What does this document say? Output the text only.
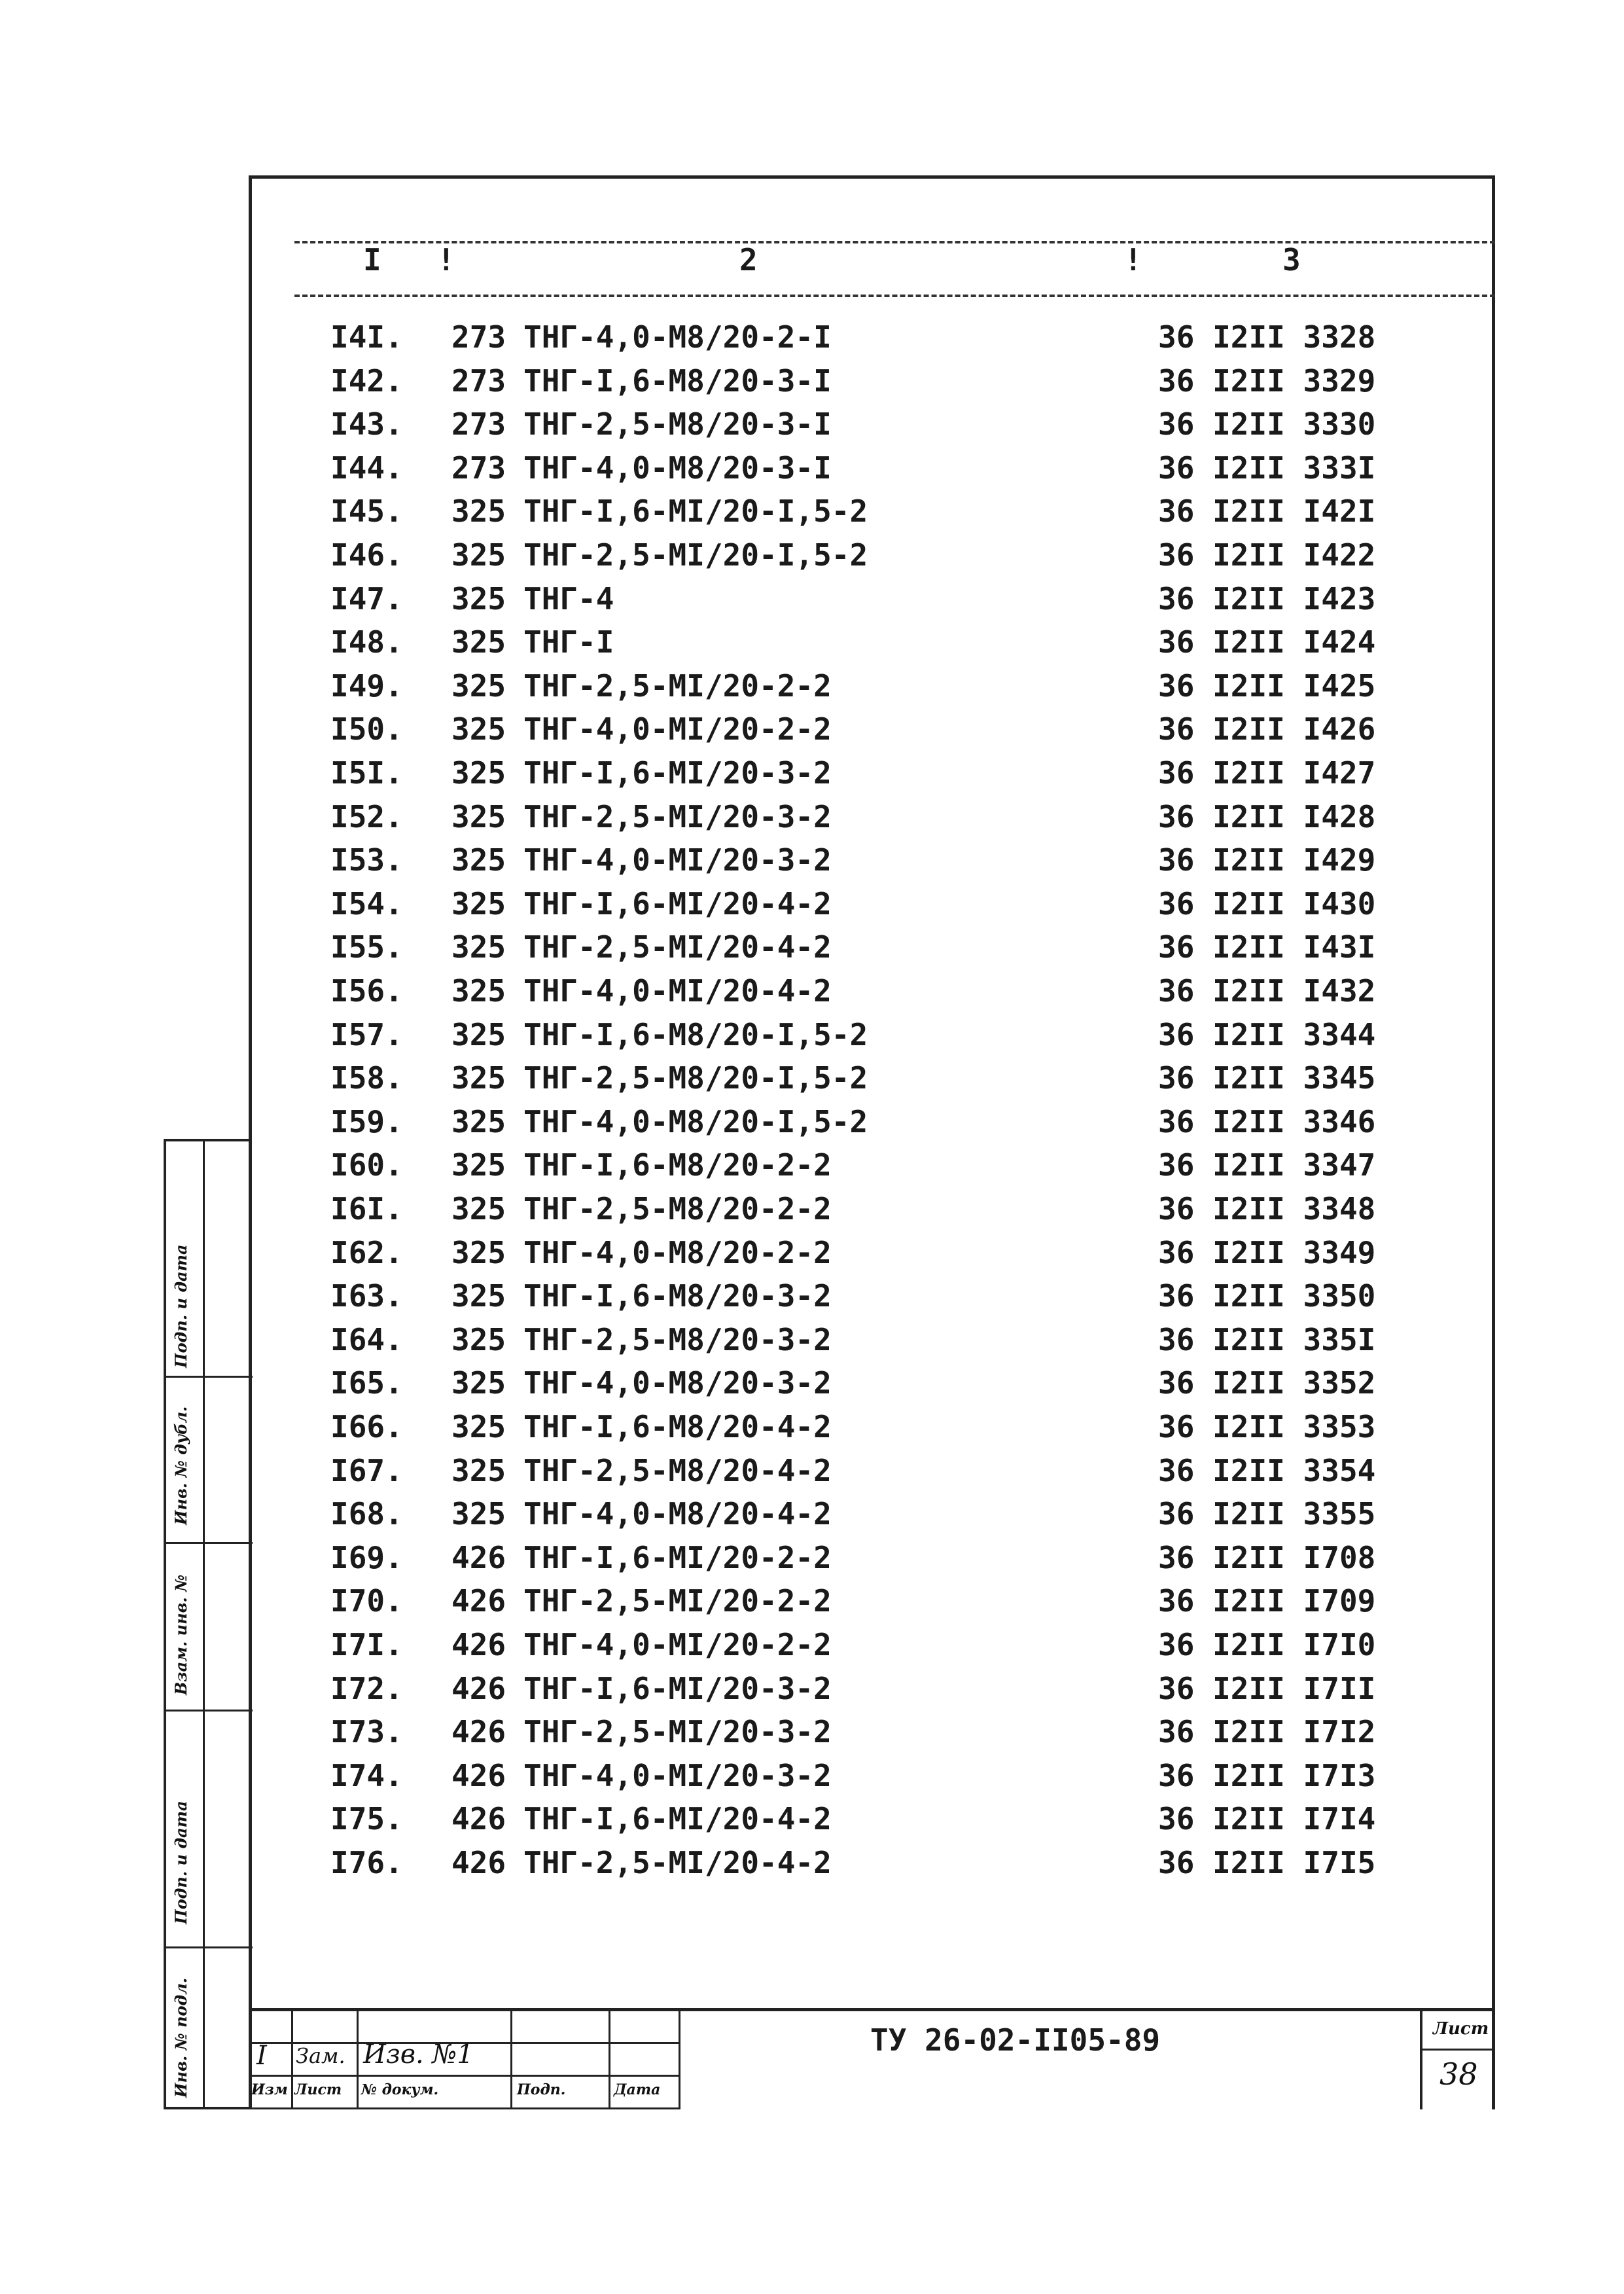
I !	2	!	3
I4I. 273 THГ-4,0-М8/20-2-I	36 I2II 3328
I42. 273 THГ-I,6-М8/20-3-I	36 I2II 3329
I43. 273 THГ-2,5-М8/20-3-I	36 I2II 3330
I44. 273 THГ-4,0-М8/20-3-I	36 I2II 333I
I45. 325 THГ-I,6-МI/20-I,5-2	36 I2II I42I
I46. 325 THГ-2,5-МI/20-I,5-2	36 I2II I422
I47. 325 THГ-4	36 I2II I423
I48. 325 THГ-I	36 I2II I424
I49. 325 THГ-2,5-МI/20-2-2	36 I2II I425
I50. 325 THГ-4,0-МI/20-2-2	36 I2II I426
I5I. 325 THГ-I,6-МI/20-3-2	36 I2II I427
I52. 325 THГ-2,5-МI/20-3-2	36 I2II I428
I53. 325 THГ-4,0-МI/20-3-2	36 I2II I429
I54. 325 THГ-I,6-МI/20-4-2	36 I2II I430
I55. 325 THГ-2,5-МI/20-4-2	36 I2II I43I
I56. 325 THГ-4,0-МI/20-4-2	36 I2II I432
I57. 325 THГ-I,6-М8/20-I,5-2	36 I2II 3344
I58. 325 THГ-2,5-М8/20-I,5-2	36 I2II 3345
I59. 325 THГ-4,0-М8/20-I,5-2	36 I2II 3346
I60. 325 THГ-I,6-М8/20-2-2	36 I2II 3347
I6I. 325 THГ-2,5-М8/20-2-2	36 I2II 3348
I62. 325 THГ-4,0-М8/20-2-2	36 I2II 3349
I63. 325 THГ-I,6-М8/20-3-2	36 I2II 3350
I64. 325 THГ-2,5-М8/20-3-2	36 I2II 335I
I65. 325 THГ-4,0-М8/20-3-2	36 I2II 3352
I66. 325 THГ-I,6-М8/20-4-2	36 I2II 3353
I67. 325 THГ-2,5-М8/20-4-2	36 I2II 3354
I68. 325 THГ-4,0-М8/20-4-2	36 I2II 3355
I69. 426 THГ-I,6-МI/20-2-2	36 I2II I708
I70. 426 THГ-2,5-МI/20-2-2	36 I2II I709
I7I. 426 THГ-4,0-МI/20-2-2	36 I2II I7I0
I72. 426 THГ-I,6-МI/20-3-2	36 I2II I7II
I73. 426 THГ-2,5-МI/20-3-2	36 I2II I7I2
I74. 426 THГ-4,0-МI/20-3-2	36 I2II I7I3
I75. 426 THГ-I,6-МI/20-4-2	36 I2II I7I4
I76. 426 THГ-2,5-МI/20-4-2	36 I2II I7I5
Подп. и дата
Инв. № дубл.
Взам. инв. №
Подп. и дата
Инв. № подл.	I Зам. Изв. №1
Изм Лист № докум.	Подп.	Дата
ТУ 26-02-II05-89	Лист
38
